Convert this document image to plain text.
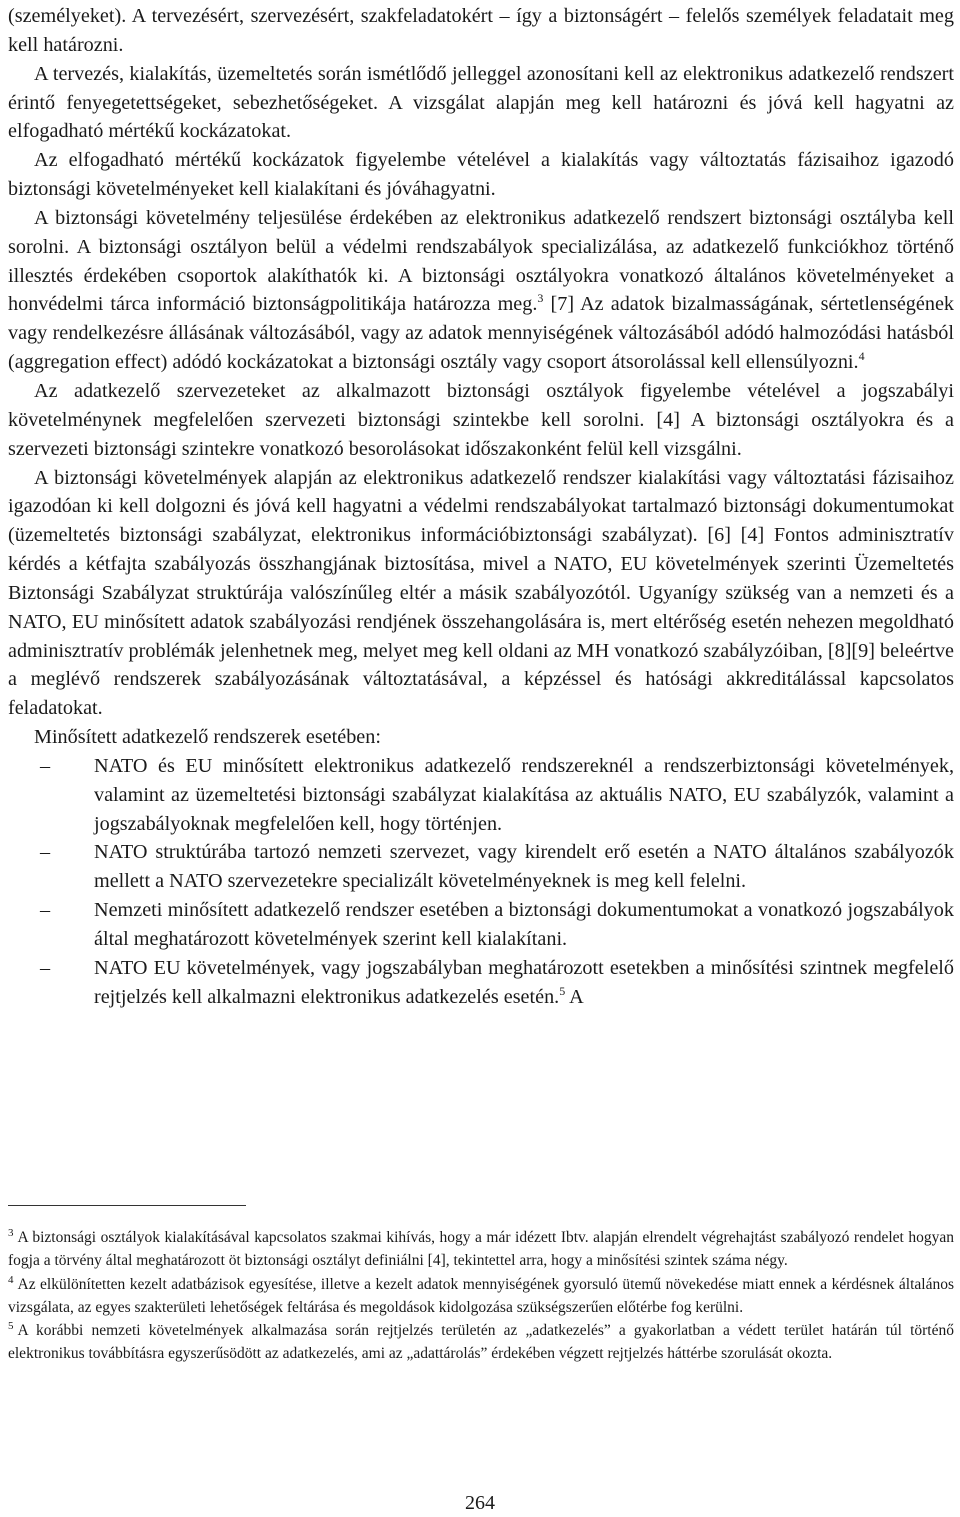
(személyeket). A tervezésért, szervezésért, szakfeladatokért – így a biztonságért – felelős személyek feladatait meg kell határozni.

A tervezés, kialakítás, üzemeltetés során ismétlődő jelleggel azonosítani kell az elektronikus adatkezelő rendszert érintő fenyegetettségeket, sebezhetőségeket. A vizsgálat alapján meg kell határozni és jóvá kell hagyatni az elfogadható mértékű kockázatokat.

Az elfogadható mértékű kockázatok figyelembe vételével a kialakítás vagy változtatás fázisaihoz igazodó biztonsági követelményeket kell kialakítani és jóváhagyatni.

A biztonsági követelmény teljesülése érdekében az elektronikus adatkezelő rendszert biztonsági osztályba kell sorolni. A biztonsági osztályon belül a védelmi rendszabályok specializálása, az adatkezelő funkciókhoz történő illesztés érdekében csoportok alakíthatók ki. A biztonsági osztályokra vonatkozó általános követelményeket a honvédelmi tárca információ biztonságpolitikája határozza meg.$^3$ [7] Az adatok bizalmasságának, sértetlenségének vagy rendelkezésre állásának változásából, vagy az adatok mennyiségének változásából adódó halmozódási hatásból (aggregation effect) adódó kockázatokat a biztonsági osztály vagy csoport átsorolással kell ellensúlyozni.$^4$

Az adatkezelő szervezeteket az alkalmazott biztonsági osztályok figyelembe vételével a jogszabályi követelménynek megfelelően szervezeti biztonsági szintekbe kell sorolni. [4] A biztonsági osztályokra és a szervezeti biztonsági szintekre vonatkozó besorolásokat időszakonként felül kell vizsgálni.

A biztonsági követelmények alapján az elektronikus adatkezelő rendszer kialakítási vagy változtatási fázisaihoz igazodóan ki kell dolgozni és jóvá kell hagyatni a védelmi rendszabályokat tartalmazó biztonsági dokumentumokat (üzemeltetés biztonsági szabályzat, elektronikus információbiztonsági szabályzat). [6] [4] Fontos adminisztratív kérdés a kétfajta szabályozás összhangjának biztosítása, mivel a NATO, EU követelmények szerinti Üzemeltetés Biztonsági Szabályzat struktúrája valószínűleg eltér a másik szabályozótól. Ugyanígy szükség van a nemzeti és a NATO, EU minősített adatok szabályozási rendjének összehangolására is, mert eltérőség esetén nehezen megoldható adminisztratív problémák jelenhetnek meg, melyet meg kell oldani az MH vonatkozó szabályzóiban, [8][9] beleértve a meglévő rendszerek szabályozásának változtatásával, a képzéssel és hatósági akkreditálással kapcsolatos feladatokat.

Minősített adatkezelő rendszerek esetében:

– NATO és EU minősített elektronikus adatkezelő rendszereknél a rendszerbiztonsági követelmények, valamint az üzemeltetési biztonsági szabályzat kialakítása az aktuális NATO, EU szabályzók, valamint a jogszabályoknak megfelelően kell, hogy történjen.
– NATO struktúrába tartozó nemzeti szervezet, vagy kirendelt erő esetén a NATO általános szabályozók mellett a NATO szervezetekre specializált követelményeknek is meg kell felelni.
– Nemzeti minősített adatkezelő rendszer esetében a biztonsági dokumentumokat a vonatkozó jogszabályok által meghatározott követelmények szerint kell kialakítani.
– NATO EU követelmények, vagy jogszabályban meghatározott esetekben a minősítési szintnek megfelelő rejtjelzés kell alkalmazni elektronikus adatkezelés esetén.$^5$ A

$^3$ A biztonsági osztályok kialakításával kapcsolatos szakmai kihívás, hogy a már idézett Ibtv. alapján elrendelt végrehajtást szabályozó rendelet hogyan fogja a törvény által meghatározott öt biztonsági osztályt definiálni [4], tekintettel arra, hogy a minősítési szintek száma négy.

$^4$ Az elkülönítetten kezelt adatbázisok egyesítése, illetve a kezelt adatok mennyiségének gyorsuló ütemű növekedése miatt ennek a kérdésnek általános vizsgálata, az egyes szakterületi lehetőségek feltárása és megoldások kidolgozása szükségszerűen előtérbe fog kerülni.

$^5$ A korábbi nemzeti követelmények alkalmazása során rejtjelzés területén az „adatkezelés” a gyakorlatban a védett terület határán túl történő elektronikus továbbításra egyszerűsödött az adatkezelés, ami az „adattárolás” érdekében végzett rejtjelzés háttérbe szorulását okozta.

264
